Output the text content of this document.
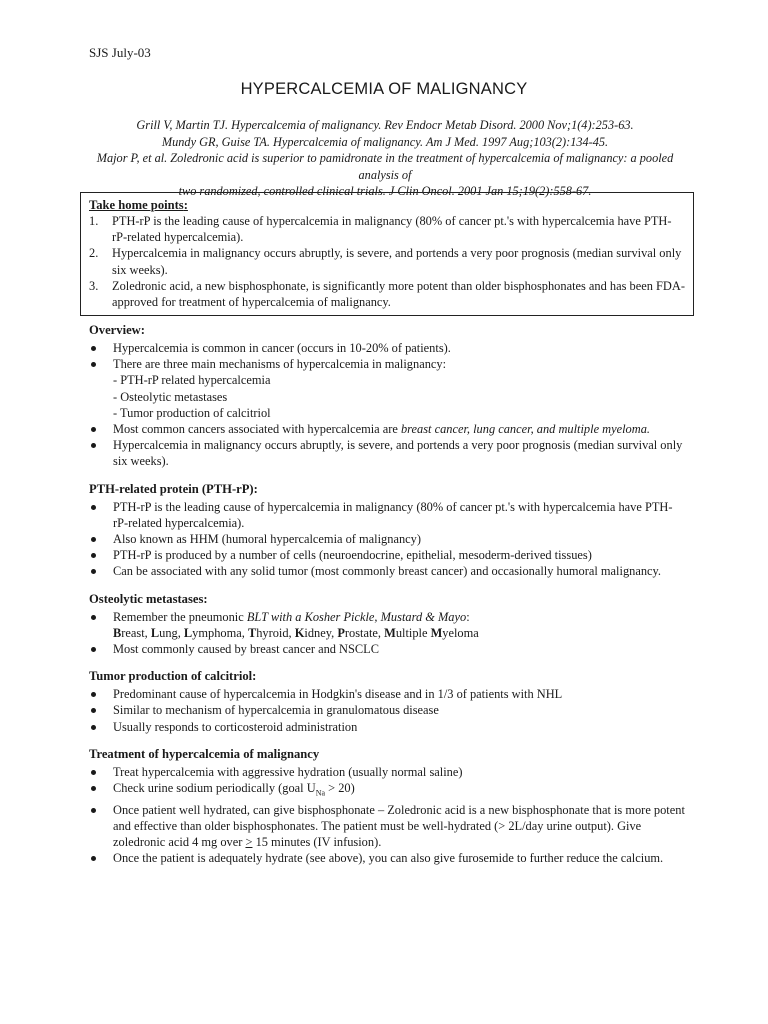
SJS July-03
HYPERCALCEMIA OF MALIGNANCY
Grill V, Martin TJ. Hypercalcemia of malignancy. Rev Endocr Metab Disord. 2000 Nov;1(4):253-63.
Mundy GR, Guise TA. Hypercalcemia of malignancy. Am J Med. 1997 Aug;103(2):134-45.
Major P, et al. Zoledronic acid is superior to pamidronate in the treatment of hypercalcemia of malignancy: a pooled analysis of
two randomized, controlled clinical trials. J Clin Oncol. 2001 Jan 15;19(2):558-67.
Take home points:
1. PTH-rP is the leading cause of hypercalcemia in malignancy (80% of cancer pt.'s with hypercalcemia have PTH-rP-related hypercalcemia).
2. Hypercalcemia in malignancy occurs abruptly, is severe, and portends a very poor prognosis (median survival only six weeks).
3. Zoledronic acid, a new bisphosphonate, is significantly more potent than older bisphosphonates and has been FDA-approved for treatment of hypercalcemia of malignancy.
Overview:
Hypercalcemia is common in cancer (occurs in 10-20% of patients).
There are three main mechanisms of hypercalcemia in malignancy:
- PTH-rP related hypercalcemia
- Osteolytic metastases
- Tumor production of calcitriol
Most common cancers associated with hypercalcemia are breast cancer, lung cancer, and multiple myeloma.
Hypercalcemia in malignancy occurs abruptly, is severe, and portends a very poor prognosis (median survival only six weeks).
PTH-related protein (PTH-rP):
PTH-rP is the leading cause of hypercalcemia in malignancy (80% of cancer pt.'s with hypercalcemia have PTH-rP-related hypercalcemia).
Also known as HHM (humoral hypercalcemia of malignancy)
PTH-rP is produced by a number of cells (neuroendocrine, epithelial, mesoderm-derived tissues)
Can be associated with any solid tumor (most commonly breast cancer) and occasionally humoral malignancy.
Osteolytic metastases:
Remember the pneumonic BLT with a Kosher Pickle, Mustard & Mayo:
Breast, Lung, Lymphoma, Thyroid, Kidney, Prostate, Multiple Myeloma
Most commonly caused by breast cancer and NSCLC
Tumor production of calcitriol:
Predominant cause of hypercalcemia in Hodgkin's disease and in 1/3 of patients with NHL
Similar to mechanism of hypercalcemia in granulomatous disease
Usually responds to corticosteroid administration
Treatment of hypercalcemia of malignancy
Treat hypercalcemia with aggressive hydration (usually normal saline)
Check urine sodium periodically (goal $U_{Na} > 20$)
Once patient well hydrated, can give bisphosphonate – Zoledronic acid is a new bisphosphonate that is more potent and effective than older bisphosphonates. The patient must be well-hydrated (> 2L/day urine output). Give zoledronic acid 4 mg over ≥ 15 minutes (IV infusion).
Once the patient is adequately hydrate (see above), you can also give furosemide to further reduce the calcium.
